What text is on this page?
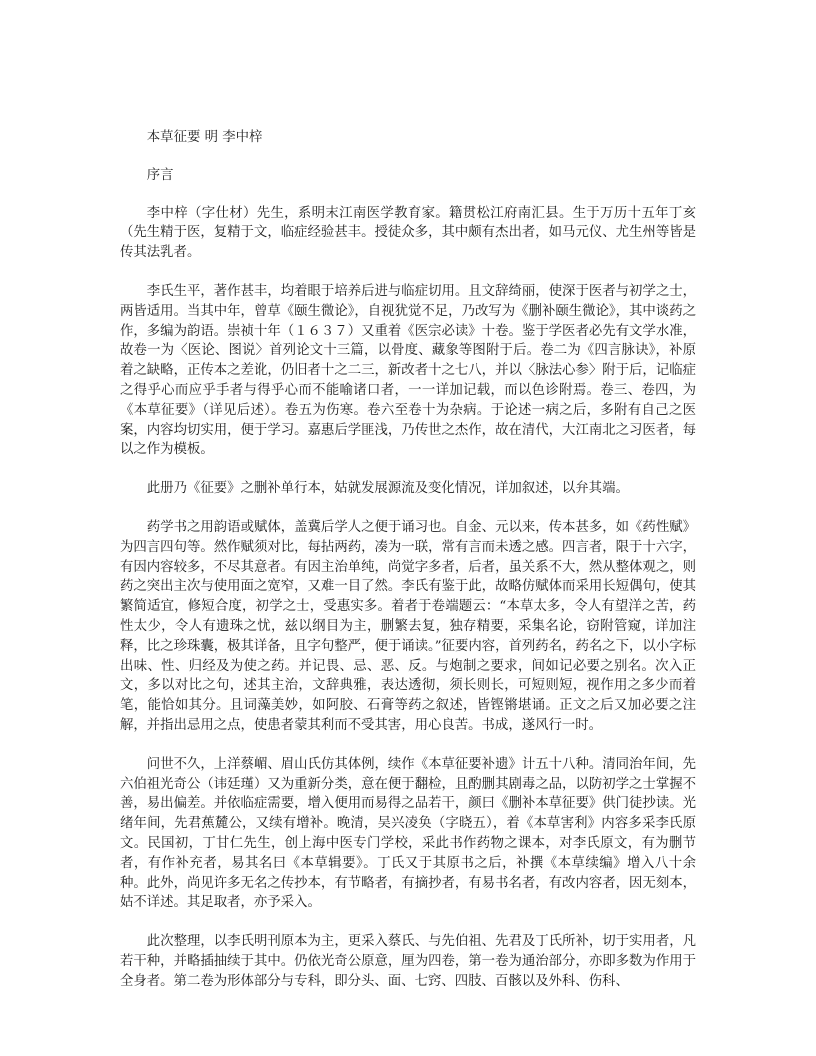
本草征要 明 李中梓

序言

李中梓（字仕材）先生，系明末江南医学教育家。籍贯松江府南汇县。生于万历十五年丁亥（先生精于医，复精于文，临症经验甚丰。授徒众多，其中颇有杰出者，如马元仪、尤生州等皆是传其法乳者。

李氏生平，著作甚丰，均着眼于培养后进与临症切用。且文辞绮丽，使深于医者与初学之士，两皆适用。当其中年，曾草《颐生微论》，自视犹觉不足，乃改写为《删补颐生微论》，其中谈药之作，多编为韵语。崇祯十年（１６３７）又重着《医宗必读》十卷。鉴于学医者必先有文学水准，故卷一为〈医论、图说〉首列论文十三篇，以骨度、藏象等图附于后。卷二为《四言脉诀》，补原着之缺略，正传本之差讹，仍旧者十之二三，新改者十之七八，并以〈脉法心参〉附于后，记临症之得乎心而应乎手者与得乎心而不能喻诸口者，一一详加记载，而以色诊附焉。卷三、卷四，为《本草征要》（详见后述）。卷五为伤寒。卷六至卷十为杂病。于论述一病之后，多附有自己之医案，内容均切实用，便于学习。嘉惠后学匪浅，乃传世之杰作，故在清代，大江南北之习医者，每以之作为模板。

此册乃《征要》之删补单行本，姑就发展源流及变化情况，详加叙述，以弁其端。

药学书之用韵语或赋体，盖冀后学人之便于诵习也。自金、元以来，传本甚多，如《药性赋》为四言四句等。然作赋须对比，每拈两药，凑为一联，常有言而未透之感。四言者，限于十六字，有因内容较多，不尽其意者。有因主治单纯，尚觉字多者，后者，虽关系不大，然从整体观之，则药之突出主次与使用面之宽窄，又难一目了然。李氏有鉴于此，故略仿赋体而采用长短偶句，使其繁简适宜，修短合度，初学之士，受惠实多。着者于卷端题云：“本草太多，令人有望洋之苦，药性太少，令人有遗珠之忧，兹以纲目为主，删繁去复，独存精要，采集名论，窃附管窥，详加注释，比之珍珠囊，极其详备，且字句整严，便于诵读。”征要内容，首列药名，药名之下，以小字标出味、性、归经及为使之药。并记畏、忌、恶、反。与炮制之要求，间如记必要之别名。次入正文，多以对比之句，述其主治，文辞典雅，表达透彻，须长则长，可短则短，视作用之多少而着笔，能恰如其分。且词藻美妙，如阿胶、石膏等药之叙述，皆铿锵堪诵。正文之后又加必要之注解，并指出忌用之点，使患者蒙其利而不受其害，用心良苦。书成，遂风行一时。

问世不久，上洋蔡嵋、眉山氏仿其体例，续作《本草征要补遗》计五十八种。清同治年间，先六伯祖光奇公（讳廷瑾）又为重新分类，意在便于翻检，且酌删其剧毒之品，以防初学之士掌握不善，易出偏差。并依临症需要，增入便用而易得之品若干，颜曰《删补本草征要》供门徒抄读。光绪年间，先君蕉麓公，又续有增补。晚清，吴兴凌奂（字晓五），着《本草害利》内容多采李氏原文。民国初，丁甘仁先生，创上海中医专门学校，采此书作药物之课本，对李氏原文，有为删节者，有作补充者，易其名曰《本草辑要》。丁氏又于其原书之后，补撰《本草续编》增入八十余种。此外，尚见许多无名之传抄本，有节略者，有摘抄者，有易书名者，有改内容者，因无刻本，姑不详述。其足取者，亦予采入。

此次整理，以李氏明刊原本为主，更采入蔡氏、与先伯祖、先君及丁氏所补，切于实用者，凡若干种，并略插抽续于其中。仍依光奇公原意，厘为四卷，第一卷为通治部分，亦即多数为作用于全身者。第二卷为形体部分与专科，即分头、面、七窍、四肢、百骸以及外科、伤科、
